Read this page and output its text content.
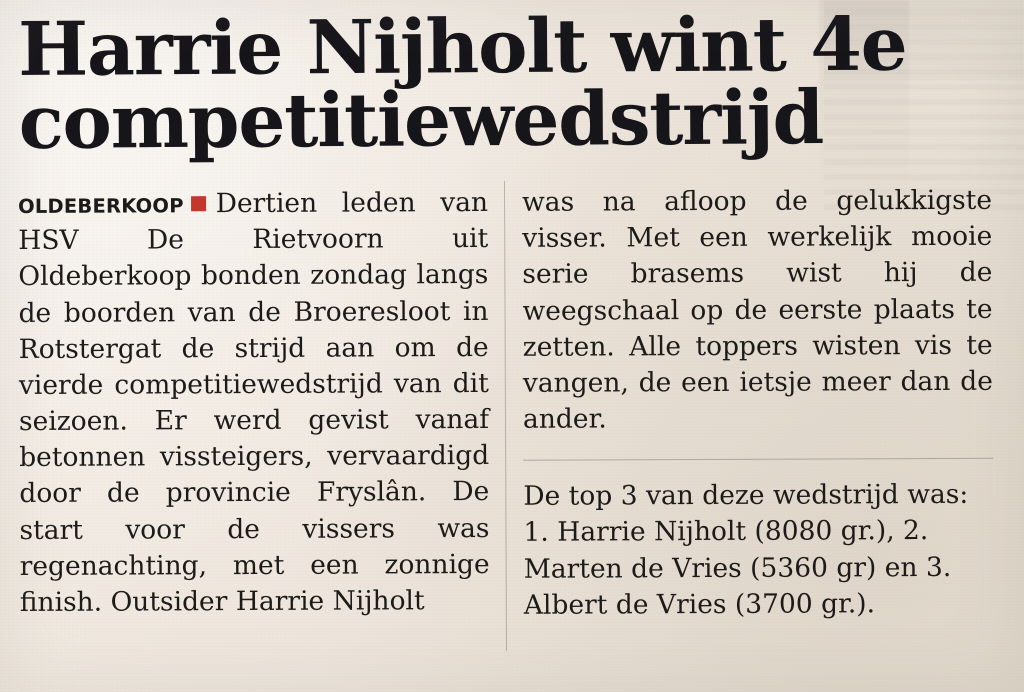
Harrie Nijholt wint 4e
competitiewedstrijd

OLDEBERKOOP Dertien leden van HSV De Rietvoorn uit Oldeberkoop bonden zondag langs de boorden van de Broeresloot in Rotstergat de strijd aan om de vierde competitiewedstrijd van dit seizoen. Er werd gevist vanaf betonnen vissteigers, vervaardigd door de provincie Fryslân. De start voor de vissers was regenachting, met een zonnige finish. Outsider Harrie Nijholt

was na afloop de gelukkigste visser. Met een werkelijk mooie serie brasems wist hij de weegschaal op de eerste plaats te zetten. Alle toppers wisten vis te vangen, de een ietsje meer dan de ander.

De top 3 van deze wedstrijd was: 1. Harrie Nijholt (8080 gr.), 2. Marten de Vries (5360 gr) en 3. Albert de Vries (3700 gr.).
